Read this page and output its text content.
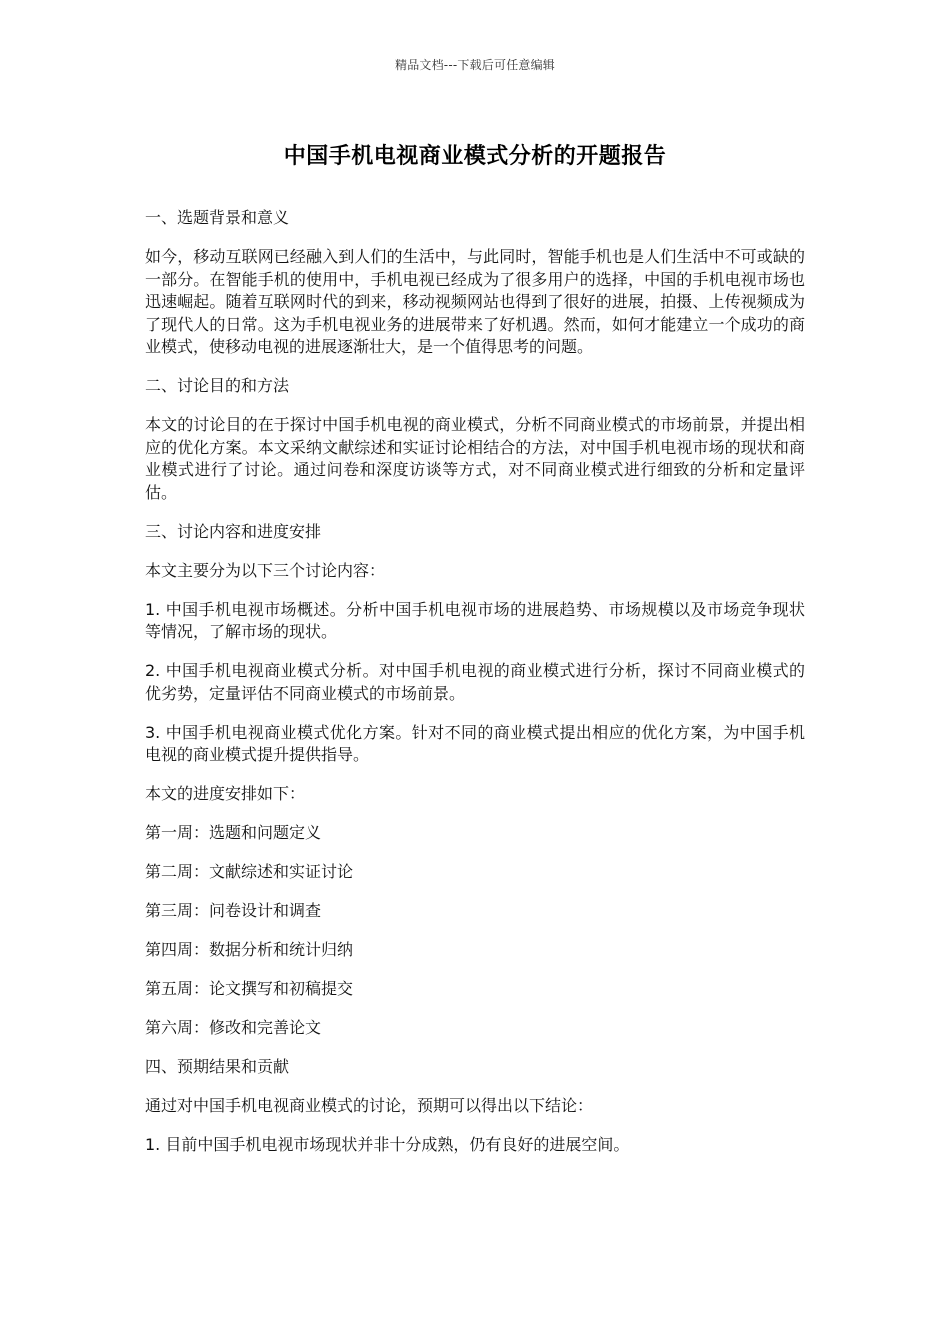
精品文档---下载后可任意编辑
中国手机电视商业模式分析的开题报告

一、选题背景和意义

如今，移动互联网已经融入到人们的生活中，与此同时，智能手机也是人们生活中不可或缺的一部分。在智能手机的使用中，手机电视已经成为了很多用户的选择，中国的手机电视市场也迅速崛起。随着互联网时代的到来，移动视频网站也得到了很好的进展，拍摄、上传视频成为了现代人的日常。这为手机电视业务的进展带来了好机遇。然而，如何才能建立一个成功的商业模式，使移动电视的进展逐渐壮大，是一个值得思考的问题。

二、讨论目的和方法

本文的讨论目的在于探讨中国手机电视的商业模式，分析不同商业模式的市场前景，并提出相应的优化方案。本文采纳文献综述和实证讨论相结合的方法，对中国手机电视市场的现状和商业模式进行了讨论。通过问卷和深度访谈等方式，对不同商业模式进行细致的分析和定量评估。

三、讨论内容和进度安排

本文主要分为以下三个讨论内容：

1. 中国手机电视市场概述。分析中国手机电视市场的进展趋势、市场规模以及市场竞争现状等情况，了解市场的现状。

2. 中国手机电视商业模式分析。对中国手机电视的商业模式进行分析，探讨不同商业模式的优劣势，定量评估不同商业模式的市场前景。

3. 中国手机电视商业模式优化方案。针对不同的商业模式提出相应的优化方案，为中国手机电视的商业模式提升提供指导。

本文的进度安排如下：

第一周：选题和问题定义

第二周：文献综述和实证讨论

第三周：问卷设计和调查

第四周：数据分析和统计归纳

第五周：论文撰写和初稿提交

第六周：修改和完善论文

四、预期结果和贡献

通过对中国手机电视商业模式的讨论，预期可以得出以下结论：

1. 目前中国手机电视市场现状并非十分成熟，仍有良好的进展空间。
